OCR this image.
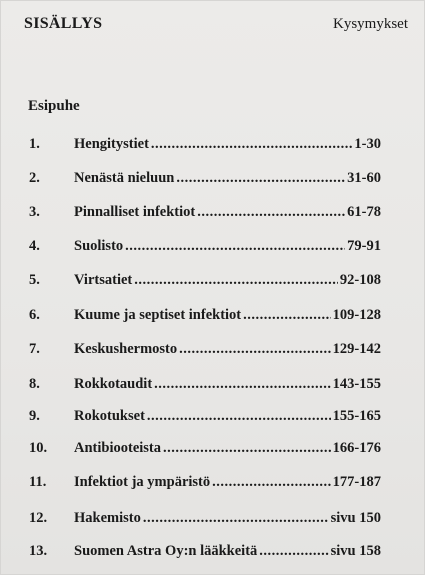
SISÄLLYS	Kysymykset
Esipuhe
1. Hengitystiet .....	1-30
2. Nenästä nieluun .....	31-60
3. Pinnalliset infektiot .....	61-78
4. Suolisto .....	79-91
5. Virtsatiet .....	92-108
6. Kuume ja septiset infektiot .....	109-128
7. Keskushermosto .....	129-142
8. Rokkotaudit .....	143-155
9. Rokotukset .....	155-165
10. Antibiooteista .....	166-176
11. Infektiot ja ympäristö .....	177-187
12. Hakemisto .....	sivu 150
13. Suomen Astra Oy:n lääkkeitä .....	sivu 158
